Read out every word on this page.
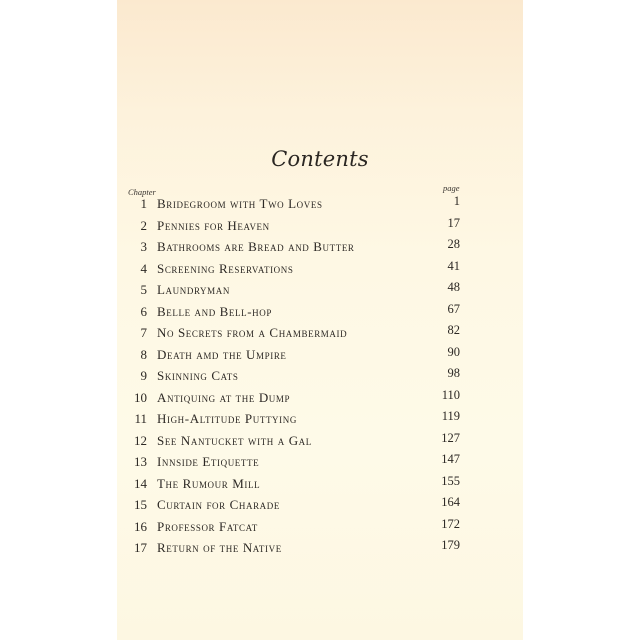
Contents
Chapter	page
1 Bridegroom with Two Loves	1
2 Pennies for Heaven	17
3 Bathrooms are Bread and Butter	28
4 Screening Reservations	41
5 Laundryman	48
6 Belle and Bell-hop	67
7 No Secrets from a Chambermaid	82
8 Death amd the Umpire	90
9 Skinning Cats	98
10 Antiquing at the Dump	110
11 High-Altitude Puttying	119
12 See Nantucket with a Gal	127
13 Innside Etiquette	147
14 The Rumour Mill	155
15 Curtain for Charade	164
16 Professor Fatcat	172
17 Return of the Native	179
